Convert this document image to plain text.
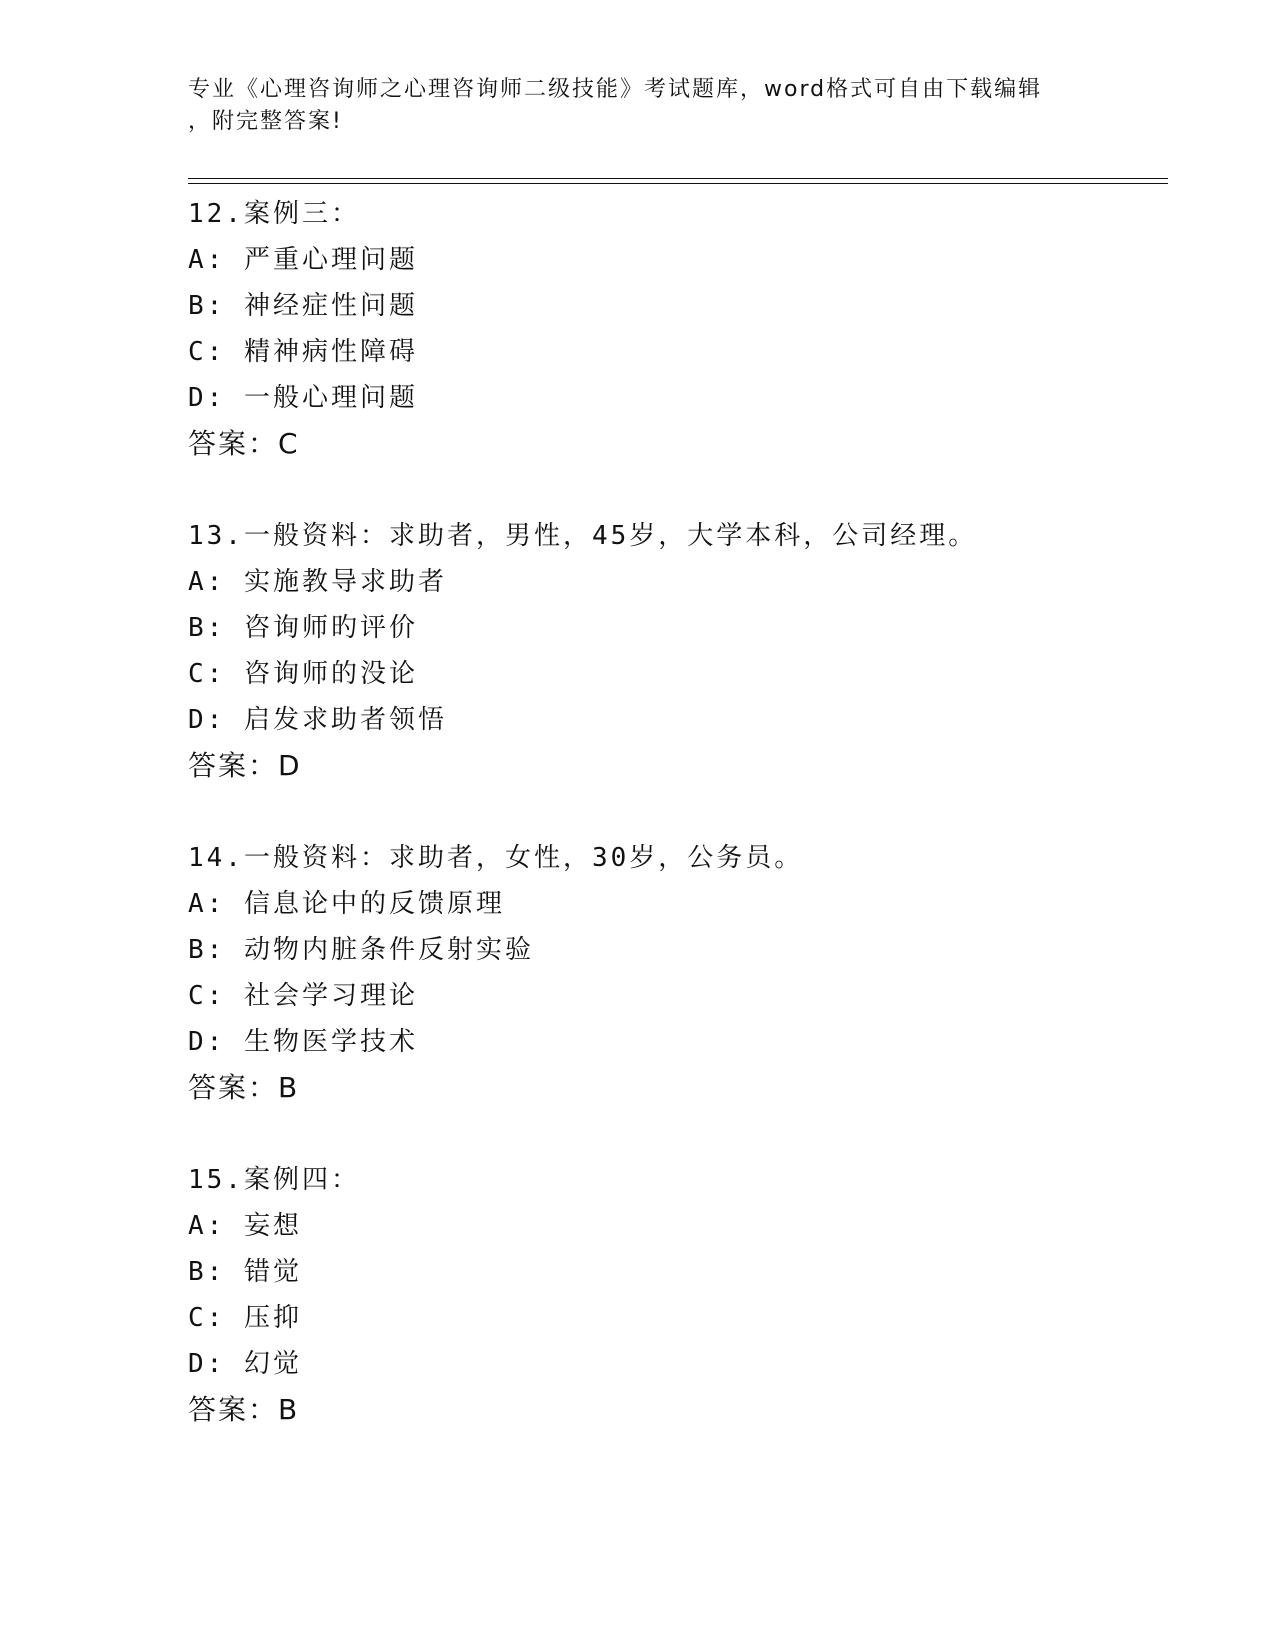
专业《心理咨询师之心理咨询师二级技能》考试题库，word格式可自由下载编辑
，附完整答案!
12.案例三：
A: 严重心理问题
B: 神经症性问题
C: 精神病性障碍
D: 一般心理问题
答案：C
13.一般资料：求助者，男性，45岁，大学本科，公司经理。
A: 实施教导求助者
B: 咨询师旳评价
C: 咨询师的没论
D: 启发求助者领悟
答案：D
14.一般资料：求助者，女性，30岁，公务员。
A: 信息论中的反馈原理
B: 动物内脏条件反射实验
C: 社会学习理论
D: 生物医学技术
答案：B
15.案例四：
A: 妄想
B: 错觉
C: 压抑
D: 幻觉
答案：B
